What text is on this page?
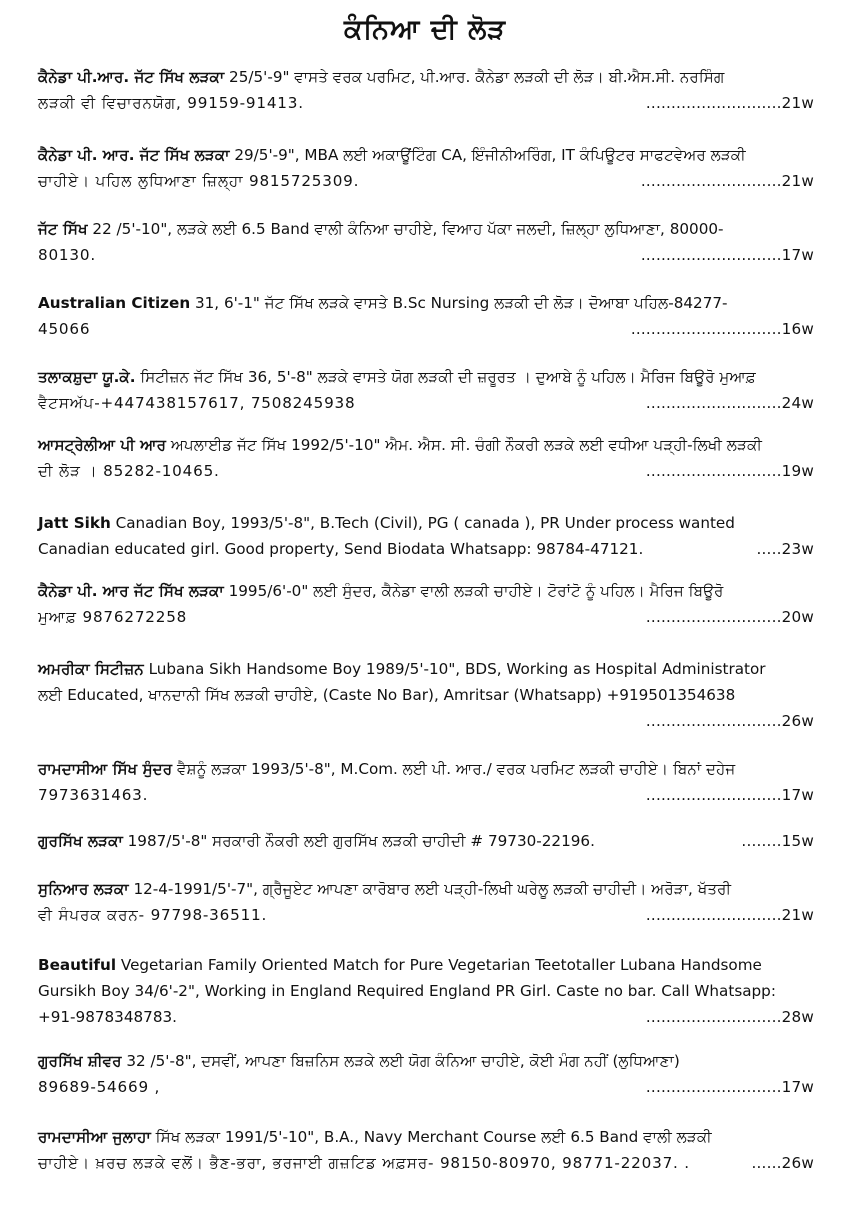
ਕੰਨਿਆ ਦੀ ਲੋੜ
ਕੈਨੇਡਾ ਪੀ.ਆਰ. ਜੱਟ ਸਿੱਖ ਲੜਕਾ 25/5'-9" ਵਾਸਤੇ ਵਰਕ ਪਰਮਿਟ, ਪੀ.ਆਰ. ਕੈਨੇਡਾ ਲੜਕੀ ਦੀ ਲੋੜ। ਬੀ.ਐਸ.ਸੀ. ਨਰਸਿੰਗ
ਲੜਕੀ ਵੀ ਵਿਚਾਰਨਯੋਗ, 99159-91413.	...........................21w
ਕੈਨੇਡਾ ਪੀ. ਆਰ. ਜੱਟ ਸਿੱਖ ਲੜਕਾ 29/5'-9", MBA ਲਈ ਅਕਾਊਂਟਿੰਗ CA, ਇੰਜੀਨੀਅਰਿੰਗ, IT ਕੰਪਿਊਟਰ ਸਾਫਟਵੇਅਰ ਲੜਕੀ
ਚਾਹੀਏ। ਪਹਿਲ ਲੁਧਿਆਣਾ ਜ਼ਿਲ੍ਹਾ 9815725309.	............................21w
ਜੱਟ ਸਿੱਖ 22 /5'-10", ਲੜਕੇ ਲਈ 6.5 Band ਵਾਲੀ ਕੰਨਿਆ ਚਾਹੀਏ, ਵਿਆਹ ਪੱਕਾ ਜਲਦੀ, ਜ਼ਿਲ੍ਹਾ ਲੁਧਿਆਣਾ, 80000-
80130.	............................17w
Australian Citizen 31, 6'-1" ਜੱਟ ਸਿੱਖ ਲੜਕੇ ਵਾਸਤੇ B.Sc Nursing ਲੜਕੀ ਦੀ ਲੋੜ। ਦੋਆਬਾ ਪਹਿਲ-84277-
45066	..............................16w
ਤਲਾਕਸ਼ੁਦਾ ਯੂ.ਕੇ. ਸਿਟੀਜ਼ਨ ਜੱਟ ਸਿੱਖ 36, 5'-8" ਲੜਕੇ ਵਾਸਤੇ ਯੋਗ ਲੜਕੀ ਦੀ ਜ਼ਰੂਰਤ । ਦੁਆਬੇ ਨੂੰ ਪਹਿਲ। ਮੈਰਿਜ ਬਿਊਰੋ ਮੁਆਫ਼
ਵੈਟਸਅੱਪ-+447438157617, 7508245938	...........................24w
ਆਸਟ੍ਰੇਲੀਆ ਪੀ ਆਰ ਅਪਲਾਈਡ ਜੱਟ ਸਿੱਖ 1992/5'-10" ਐਮ. ਐਸ. ਸੀ. ਚੰਗੀ ਨੌਕਰੀ ਲੜਕੇ ਲਈ ਵਧੀਆ ਪੜ੍ਹੀ-ਲਿਖੀ ਲੜਕੀ
ਦੀ ਲੋੜ । 85282-10465.	...........................19w
Jatt Sikh Canadian Boy, 1993/5'-8", B.Tech (Civil), PG ( canada ), PR Under process wanted
Canadian educated girl. Good property, Send Biodata Whatsapp: 98784-47121.	.....23w
ਕੈਨੇਡਾ ਪੀ. ਆਰ ਜੱਟ ਸਿੱਖ ਲੜਕਾ 1995/6'-0" ਲਈ ਸੁੰਦਰ, ਕੈਨੇਡਾ ਵਾਲੀ ਲੜਕੀ ਚਾਹੀਏ। ਟੋਰਾਂਟੋ ਨੂੰ ਪਹਿਲ। ਮੈਰਿਜ ਬਿਊਰੋ
ਮੁਆਫ਼ 9876272258	...........................20w
ਅਮਰੀਕਾ ਸਿਟੀਜ਼ਨ Lubana Sikh Handsome Boy 1989/5'-10", BDS, Working as Hospital Administrator
ਲਈ Educated, ਖਾਨਦਾਨੀ ਸਿੱਖ ਲੜਕੀ ਚਾਹੀਏ, (Caste No Bar), Amritsar (Whatsapp) +919501354638
...........................26w
ਰਾਮਦਾਸੀਆ ਸਿੱਖ ਸੁੰਦਰ ਵੈਸ਼ਨੂੰ ਲੜਕਾ 1993/5'-8", M.Com. ਲਈ ਪੀ. ਆਰ./ ਵਰਕ ਪਰਮਿਟ ਲੜਕੀ ਚਾਹੀਏ। ਬਿਨਾਂ ਦਹੇਜ
7973631463.	...........................17w
ਗੁਰਸਿੱਖ ਲੜਕਾ 1987/5'-8" ਸਰਕਾਰੀ ਨੌਕਰੀ ਲਈ ਗੁਰਸਿੱਖ ਲੜਕੀ ਚਾਹੀਦੀ # 79730-22196.	........15w
ਸੁਨਿਆਰ ਲੜਕਾ 12-4-1991/5'-7", ਗ੍ਰੈਜੂਏਟ ਆਪਣਾ ਕਾਰੋਬਾਰ ਲਈ ਪੜ੍ਹੀ-ਲਿਖੀ ਘਰੇਲੂ ਲੜਕੀ ਚਾਹੀਦੀ। ਅਰੋੜਾ, ਖੱਤਰੀ
ਵੀ ਸੰਪਰਕ ਕਰਨ- 97798-36511.	...........................21w
Beautiful Vegetarian Family Oriented Match for Pure Vegetarian Teetotaller Lubana Handsome
Gursikh Boy 34/6'-2", Working in England Required England PR Girl. Caste no bar. Call Whatsapp:
+91-9878348783.	...........................28w
ਗੁਰਸਿੱਖ ਸ਼ੀਵਰ 32 /5'-8", ਦਸਵੀਂ, ਆਪਣਾ ਬਿਜ਼ਨਿਸ ਲੜਕੇ ਲਈ ਯੋਗ ਕੰਨਿਆ ਚਾਹੀਏ, ਕੋਈ ਮੰਗ ਨਹੀਂ (ਲੁਧਿਆਣਾ)
89689-54669 ,	...........................17w
ਰਾਮਦਾਸੀਆ ਜੁਲਾਹਾ ਸਿੱਖ ਲੜਕਾ 1991/5'-10", B.A., Navy Merchant Course ਲਈ 6.5 Band ਵਾਲੀ ਲੜਕੀ
ਚਾਹੀਏ। ਖ਼ਰਚ ਲੜਕੇ ਵਲੋਂ। ਭੈਣ-ਭਰਾ, ਭਰਜਾਈ ਗਜ਼ਟਿਡ ਅਫ਼ਸਰ- 98150-80970, 98771-22037. .	......26w
